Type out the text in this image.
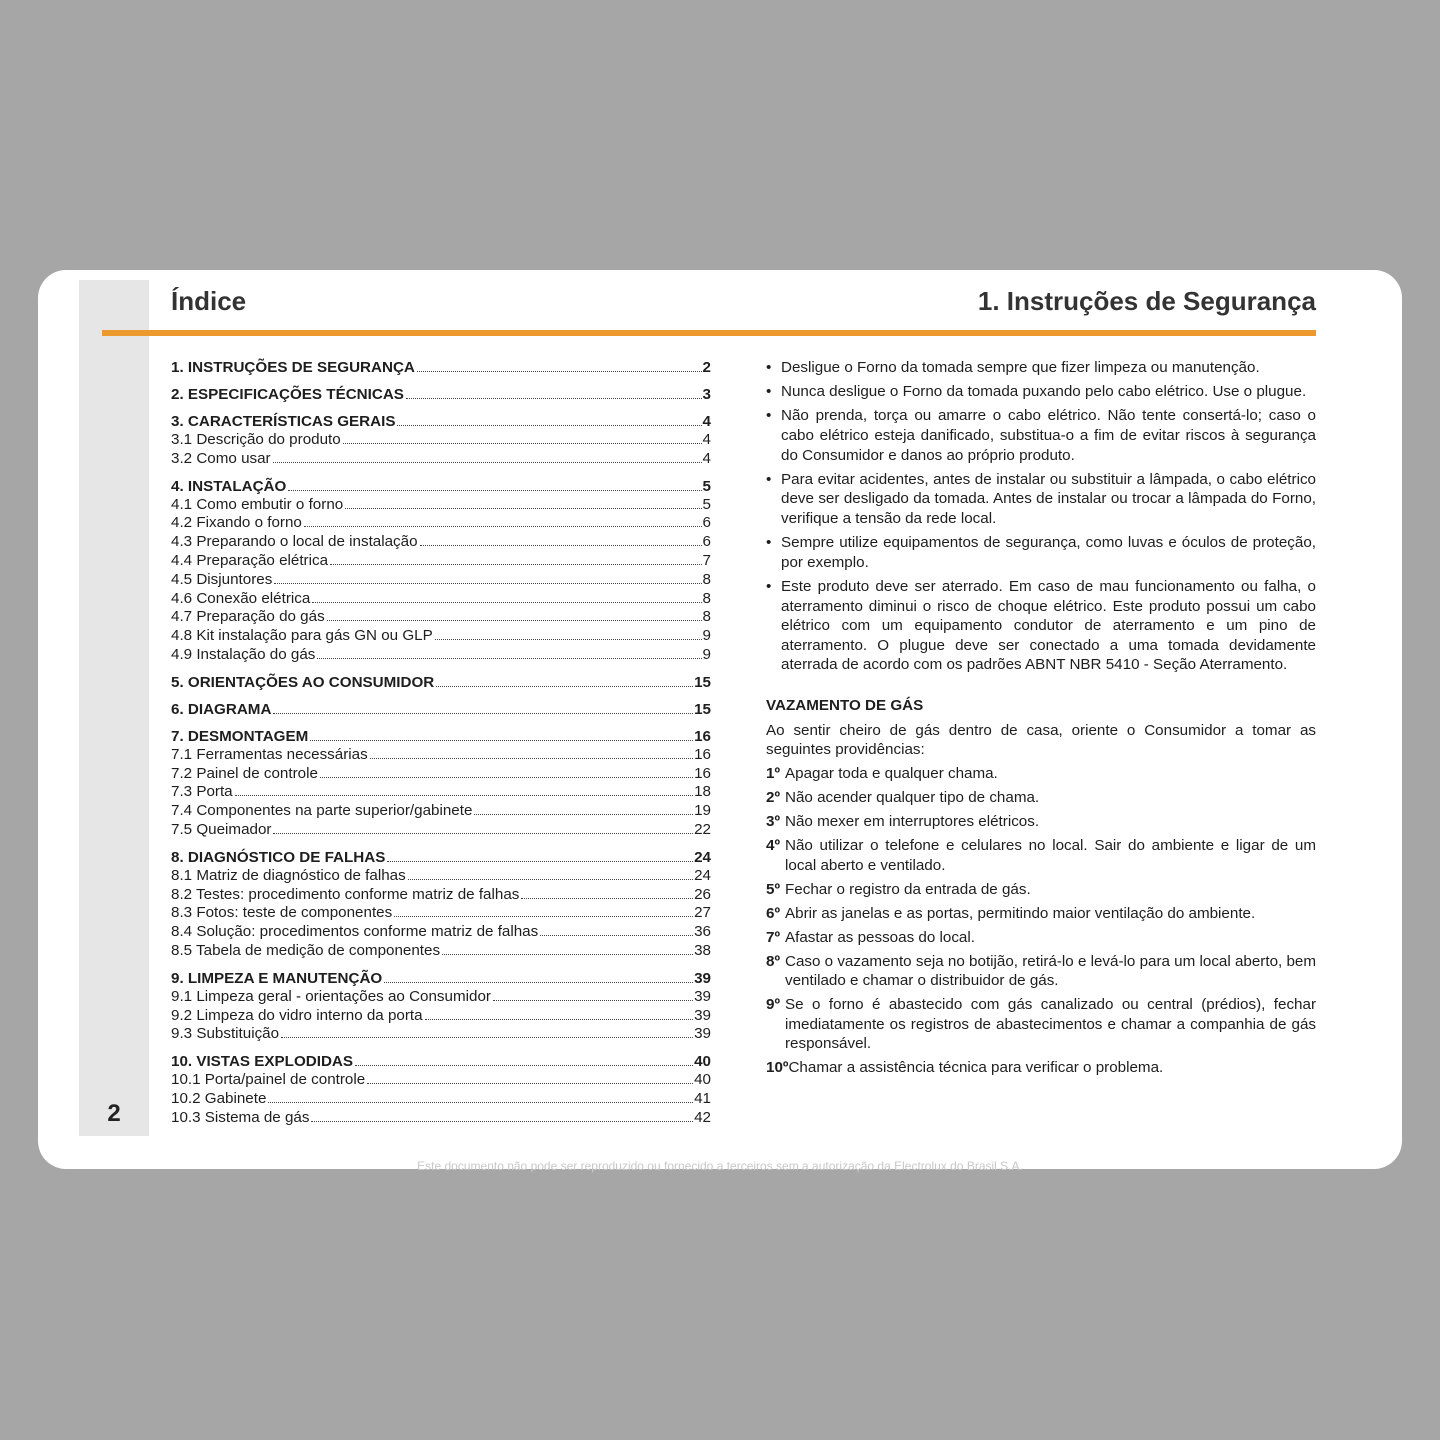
2
Índice	1. Instruções de Segurança
1. INSTRUÇÕES DE SEGURANÇA	2
2. ESPECIFICAÇÕES TÉCNICAS	3
3. CARACTERÍSTICAS GERAIS	4
3.1 Descrição do produto	4
3.2 Como usar	4
4. INSTALAÇÃO	5
4.1 Como embutir o forno	5
4.2 Fixando o forno	6
4.3 Preparando o local de instalação	6
4.4 Preparação elétrica	7
4.5 Disjuntores	8
4.6 Conexão elétrica	8
4.7 Preparação do gás	8
4.8 Kit instalação para gás GN ou GLP	9
4.9 Instalação do gás	9
5. ORIENTAÇÕES AO CONSUMIDOR	15
6. DIAGRAMA	15
7. DESMONTAGEM	16
7.1 Ferramentas necessárias	16
7.2 Painel de controle	16
7.3 Porta	18
7.4 Componentes na parte superior/gabinete	19
7.5 Queimador	22
8. DIAGNÓSTICO DE FALHAS	24
8.1 Matriz de diagnóstico de falhas	24
8.2 Testes: procedimento conforme matriz de falhas	26
8.3 Fotos: teste de componentes	27
8.4 Solução: procedimentos conforme matriz de falhas	36
8.5 Tabela de medição de componentes	38
9. LIMPEZA E MANUTENÇÃO	39
9.1 Limpeza geral - orientações ao Consumidor	39
9.2 Limpeza do vidro interno da porta	39
9.3 Substituição	39
10. VISTAS EXPLODIDAS	40
10.1 Porta/painel de controle	40
10.2 Gabinete	41
10.3 Sistema de gás	42
• Desligue o Forno da tomada sempre que fizer limpeza ou manutenção.
• Nunca desligue o Forno da tomada puxando pelo cabo elétrico. Use o plugue.
• Não prenda, torça ou amarre o cabo elétrico. Não tente consertá-lo; caso o cabo elétrico esteja danificado, substitua-o a fim de evitar riscos à segurança do Consumidor e danos ao próprio produto.
• Para evitar acidentes, antes de instalar ou substituir a lâmpada, o cabo elétrico deve ser desligado da tomada. Antes de instalar ou trocar a lâmpada do Forno, verifique a tensão da rede local.
• Sempre utilize equipamentos de segurança, como luvas e óculos de proteção, por exemplo.
• Este produto deve ser aterrado. Em caso de mau funcionamento ou falha, o aterramento diminui o risco de choque elétrico. Este produto possui um cabo elétrico com um equipamento condutor de aterramento e um pino de aterramento. O plugue deve ser conectado a uma tomada devidamente aterrada de acordo com os padrões ABNT NBR 5410 - Seção Aterramento.
VAZAMENTO DE GÁS
Ao sentir cheiro de gás dentro de casa, oriente o Consumidor a tomar as seguintes providências:
1º Apagar toda e qualquer chama.
2º Não acender qualquer tipo de chama.
3º Não mexer em interruptores elétricos.
4º Não utilizar o telefone e celulares no local. Sair do ambiente e ligar de um local aberto e ventilado.
5º Fechar o registro da entrada de gás.
6º Abrir as janelas e as portas, permitindo maior ventilação do ambiente.
7º Afastar as pessoas do local.
8º Caso o vazamento seja no botijão, retirá-lo e levá-lo para um local aberto, bem ventilado e chamar o distribuidor de gás.
9º Se o forno é abastecido com gás canalizado ou central (prédios), fechar imediatamente os registros de abastecimentos e chamar a companhia de gás responsável.
10º Chamar a assistência técnica para verificar o problema.
Este documento não pode ser reproduzido ou fornecido a terceiros sem a autorização da Electrolux do Brasil S.A.
